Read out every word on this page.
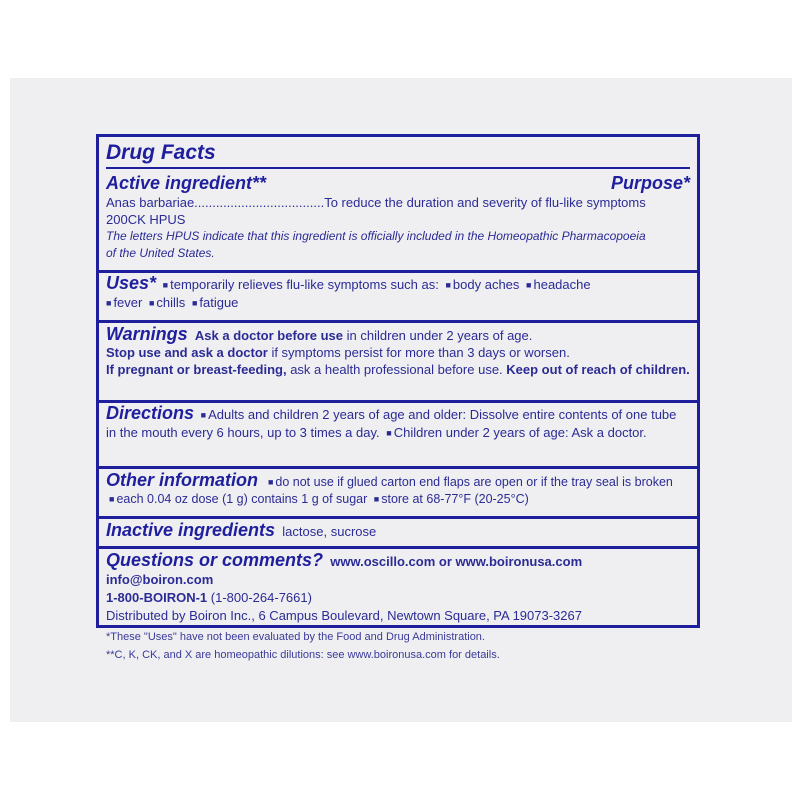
Drug Facts
Active ingredient**	Purpose*
Anas barbariae....................................To reduce the duration and severity of flu-like symptoms
200CK HPUS
The letters HPUS indicate that this ingredient is officially included in the Homeopathic Pharmacopoeia of the United States.
Uses* ■ temporarily relieves flu-like symptoms such as: ■ body aches ■ headache
■ fever ■ chills ■ fatigue
Warnings Ask a doctor before use in children under 2 years of age.
Stop use and ask a doctor if symptoms persist for more than 3 days or worsen.
If pregnant or breast-feeding, ask a health professional before use. Keep out of reach of children.
Directions ■ Adults and children 2 years of age and older: Dissolve entire contents of one tube in the mouth every 6 hours, up to 3 times a day. ■ Children under 2 years of age: Ask a doctor.
Other information ■ do not use if glued carton end flaps are open or if the tray seal is broken ■ each 0.04 oz dose (1 g) contains 1 g of sugar ■ store at 68-77°F (20-25°C)
Inactive ingredients lactose, sucrose
Questions or comments? www.oscillo.com or www.boironusa.com
info@boiron.com
1-800-BOIRON-1 (1-800-264-7661)
Distributed by Boiron Inc., 6 Campus Boulevard, Newtown Square, PA 19073-3267
*These "Uses" have not been evaluated by the Food and Drug Administration.
**C, K, CK, and X are homeopathic dilutions: see www.boironusa.com for details.
